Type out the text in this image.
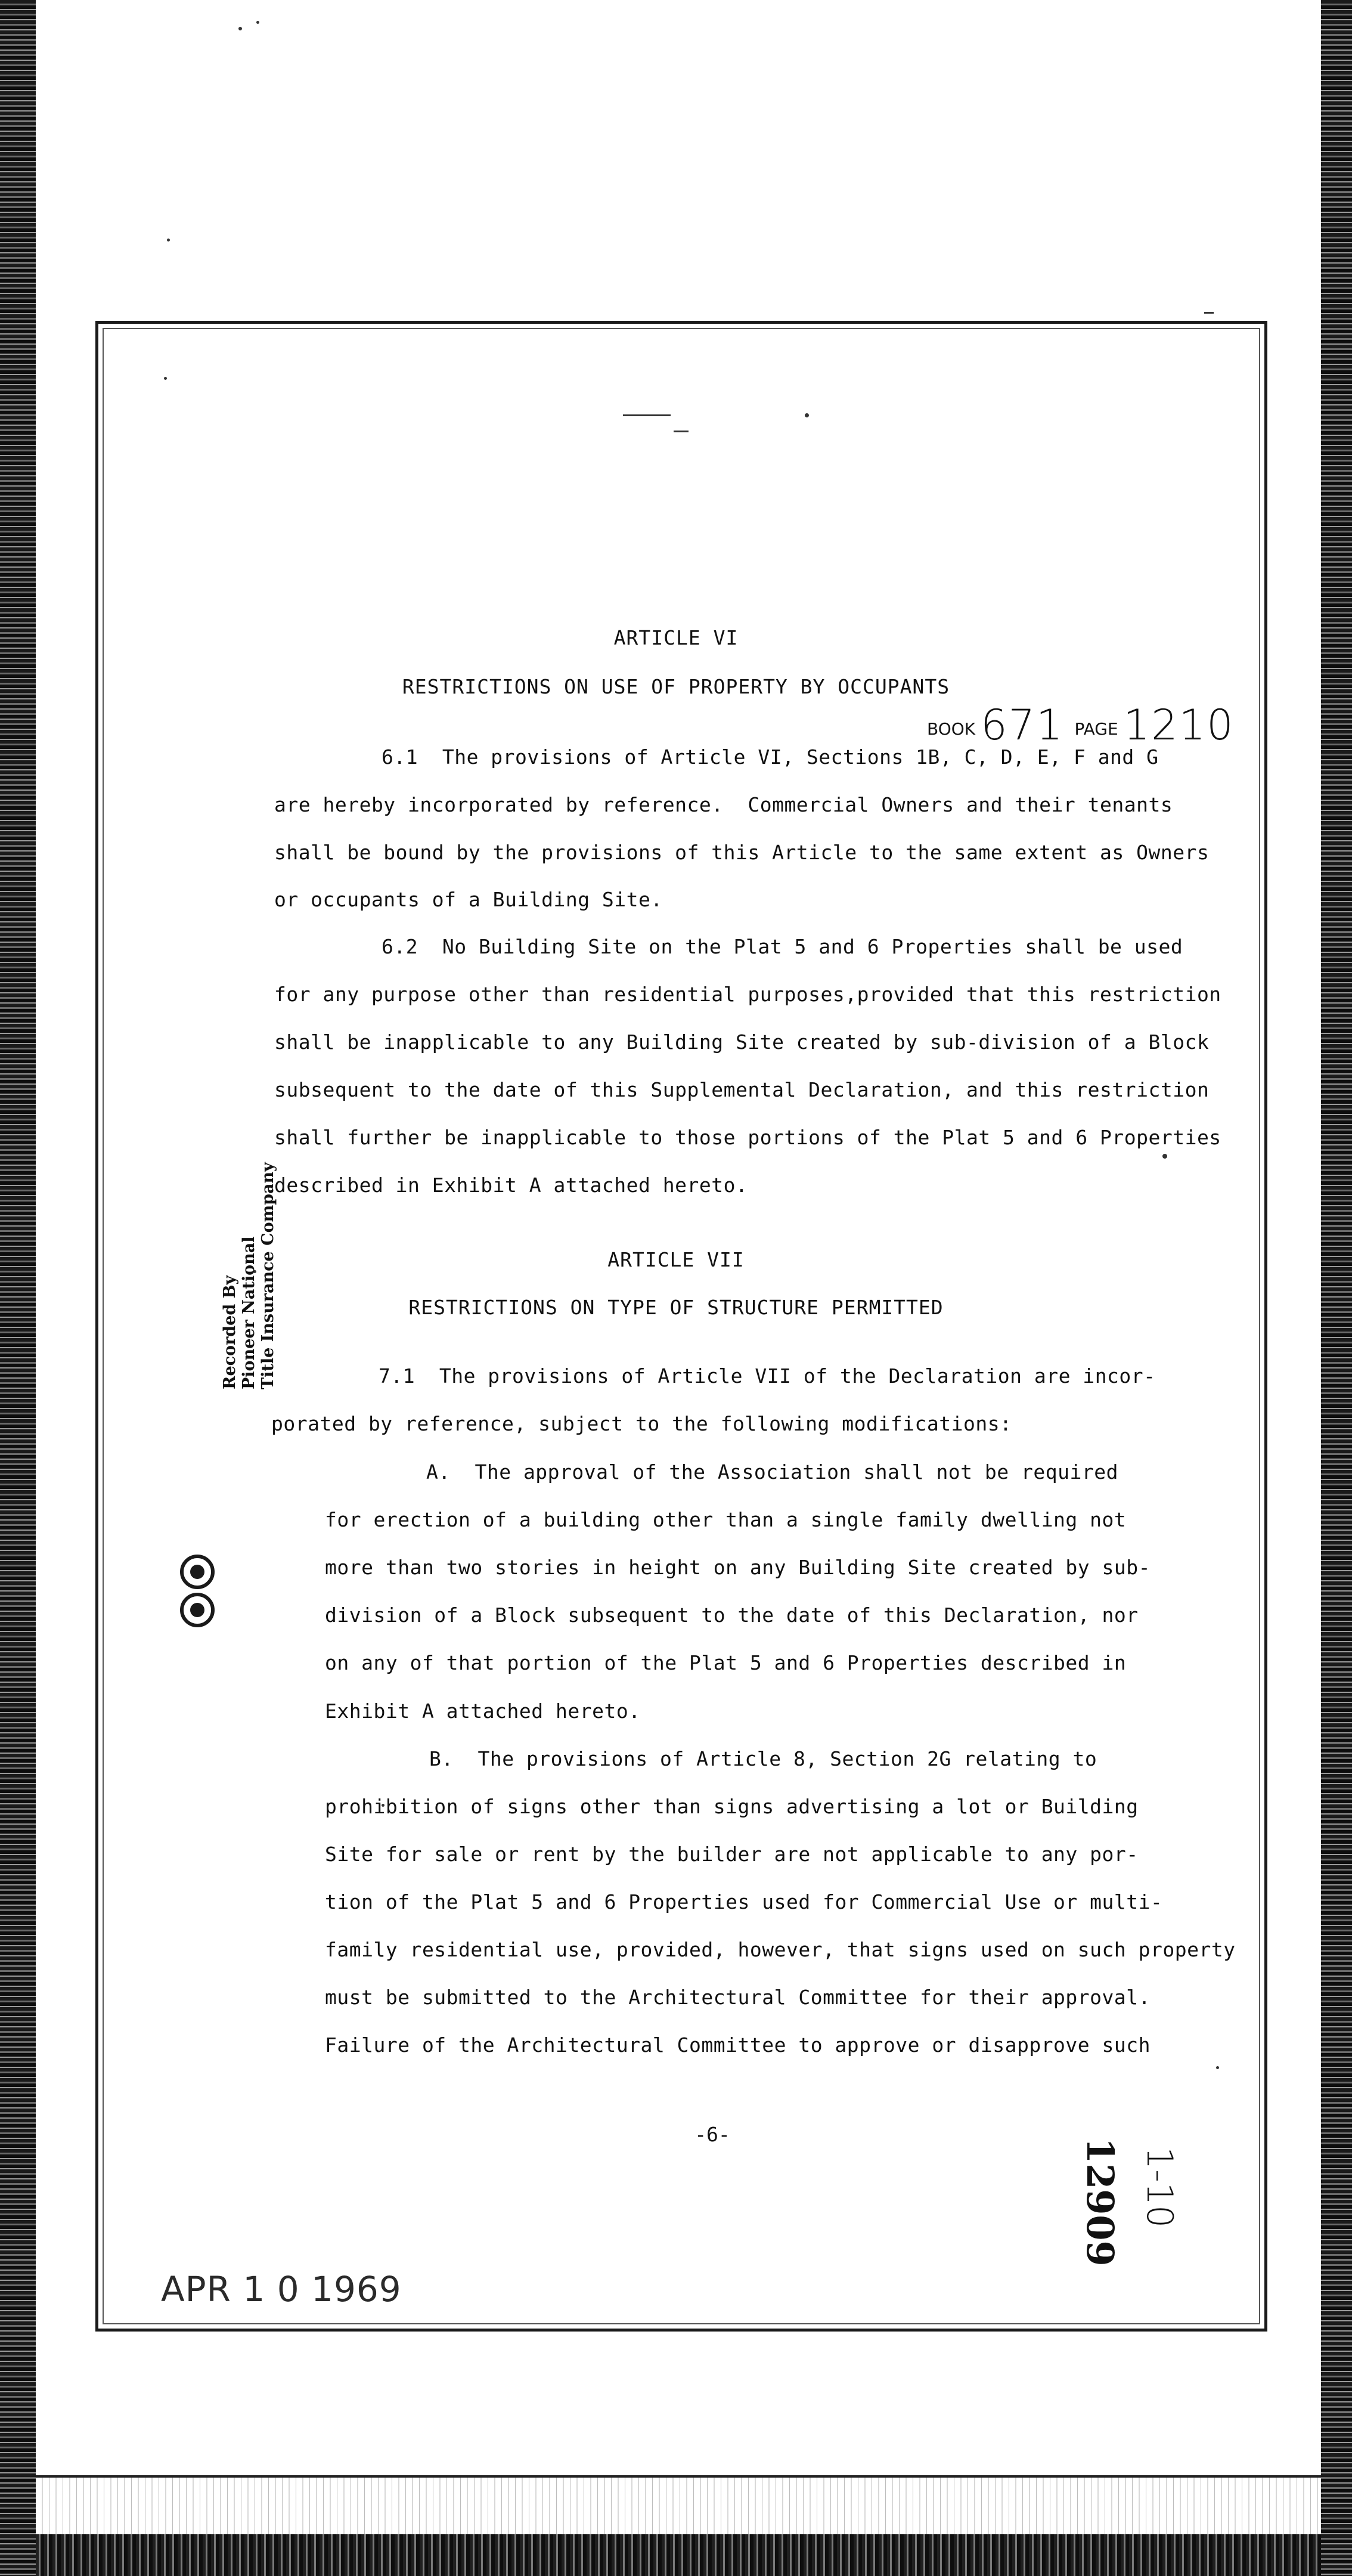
ARTICLE VI
RESTRICTIONS ON USE OF PROPERTY BY OCCUPANTS
BOOK 671 PAGE 1210
6.1  The provisions of Article VI, Sections 1B, C, D, E, F and G
are hereby incorporated by reference.  Commercial Owners and their tenants
shall be bound by the provisions of this Article to the same extent as Owners
or occupants of a Building Site.
6.2  No Building Site on the Plat 5 and 6 Properties shall be used
for any purpose other than residential purposes,provided that this restriction
shall be inapplicable to any Building Site created by sub-division of a Block
subsequent to the date of this Supplemental Declaration, and this restriction
shall further be inapplicable to those portions of the Plat 5 and 6 Properties
described in Exhibit A attached hereto.
ARTICLE VII
RESTRICTIONS ON TYPE OF STRUCTURE PERMITTED
7.1  The provisions of Article VII of the Declaration are incor-
porated by reference, subject to the following modifications:
A.  The approval of the Association shall not be required
for erection of a building other than a single family dwelling not
more than two stories in height on any Building Site created by sub-
division of a Block subsequent to the date of this Declaration, nor
on any of that portion of the Plat 5 and 6 Properties described in
Exhibit A attached hereto.
B.  The provisions of Article 8, Section 2G relating to
prohibition of signs other than signs advertising a lot or Building
Site for sale or rent by the builder are not applicable to any por-
tion of the Plat 5 and 6 Properties used for Commercial Use or multi-
family residential use, provided, however, that signs used on such property
must be submitted to the Architectural Committee for their approval.
Failure of the Architectural Committee to approve or disapprove such
Recorded By Pioneer National Title Insurance Company
-6-
APR 1 0 1969
12909 1-10
